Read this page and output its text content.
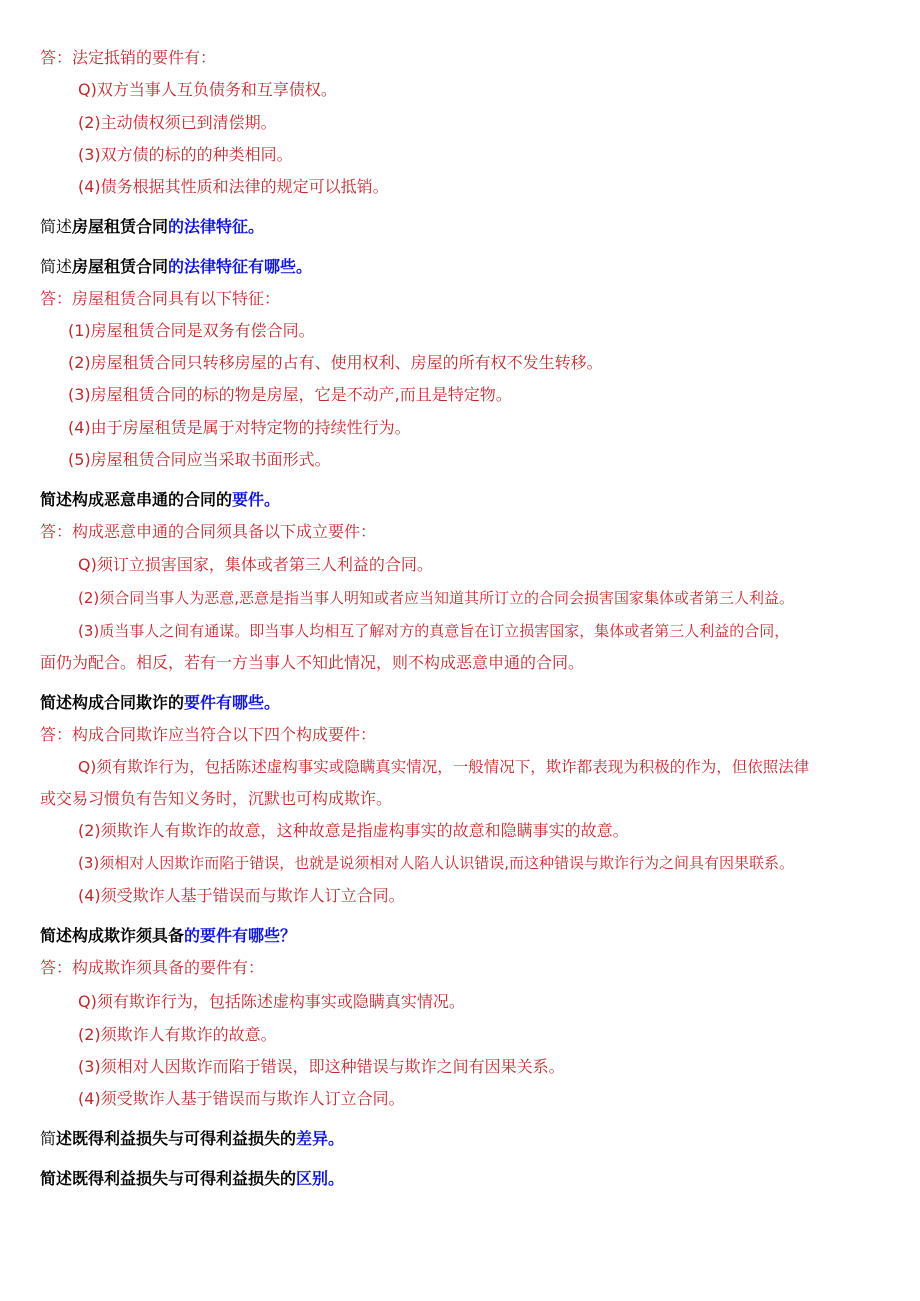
答：法定抵销的要件有：
Q)双方当事人互负债务和互享债权。
(2)主动债权须已到清偿期。
(3)双方债的标的的种类相同。
(4)债务根据其性质和法律的规定可以抵销。
简述房屋租赁合同的法律特征。
简述房屋租赁合同的法律特征有哪些。
答：房屋租赁合同具有以下特征：
(1)房屋租赁合同是双务有偿合同。
(2)房屋租赁合同只转移房屋的占有、使用权利、房屋的所有权不发生转移。
(3)房屋租赁合同的标的物是房屋，它是不动产,而且是特定物。
(4)由于房屋租赁是属于对特定物的持续性行为。
(5)房屋租赁合同应当采取书面形式。
简述构成恶意串通的合同的要件。
答：构成恶意申通的合同须具备以下成立要件：
Q)须订立损害国家，集体或者第三人利益的合同。
(2)须合同当事人为恶意,恶意是指当事人明知或者应当知道其所订立的合同会损害国家集体或者第三人利益。
(3)质当事人之间有通谋。即当事人均相互了解对方的真意旨在订立损害国家，集体或者第三人利益的合同，
面仍为配合。相反，若有一方当事人不知此情况，则不构成恶意申通的合同。
简述构成合同欺诈的要件有哪些。
答：构成合同欺诈应当符合以下四个构成要件：
Q)须有欺诈行为，包括陈述虚构事实或隐瞒真实情况，一般情况下，欺诈都表现为积极的作为，但依照法律
或交易习惯负有告知义务时，沉默也可构成欺诈。
(2)须欺诈人有欺诈的故意，这种故意是指虚构事实的故意和隐瞒事实的故意。
(3)须相对人因欺诈而陷于错误，也就是说须相对人陷人认识错误,而这种错误与欺诈行为之间具有因果联系。
(4)须受欺诈人基于错误而与欺诈人订立合同。
简述构成欺诈须具备的要件有哪些？
答：构成欺诈须具备的要件有：
Q)须有欺诈行为，包括陈述虚构事实或隐瞒真实情况。
(2)须欺诈人有欺诈的故意。
(3)须相对人因欺诈而陷于错误，即这种错误与欺诈之间有因果关系。
(4)须受欺诈人基于错误而与欺诈人订立合同。
简述既得利益损失与可得利益损失的差异。
简述既得利益损失与可得利益损失的区别。
